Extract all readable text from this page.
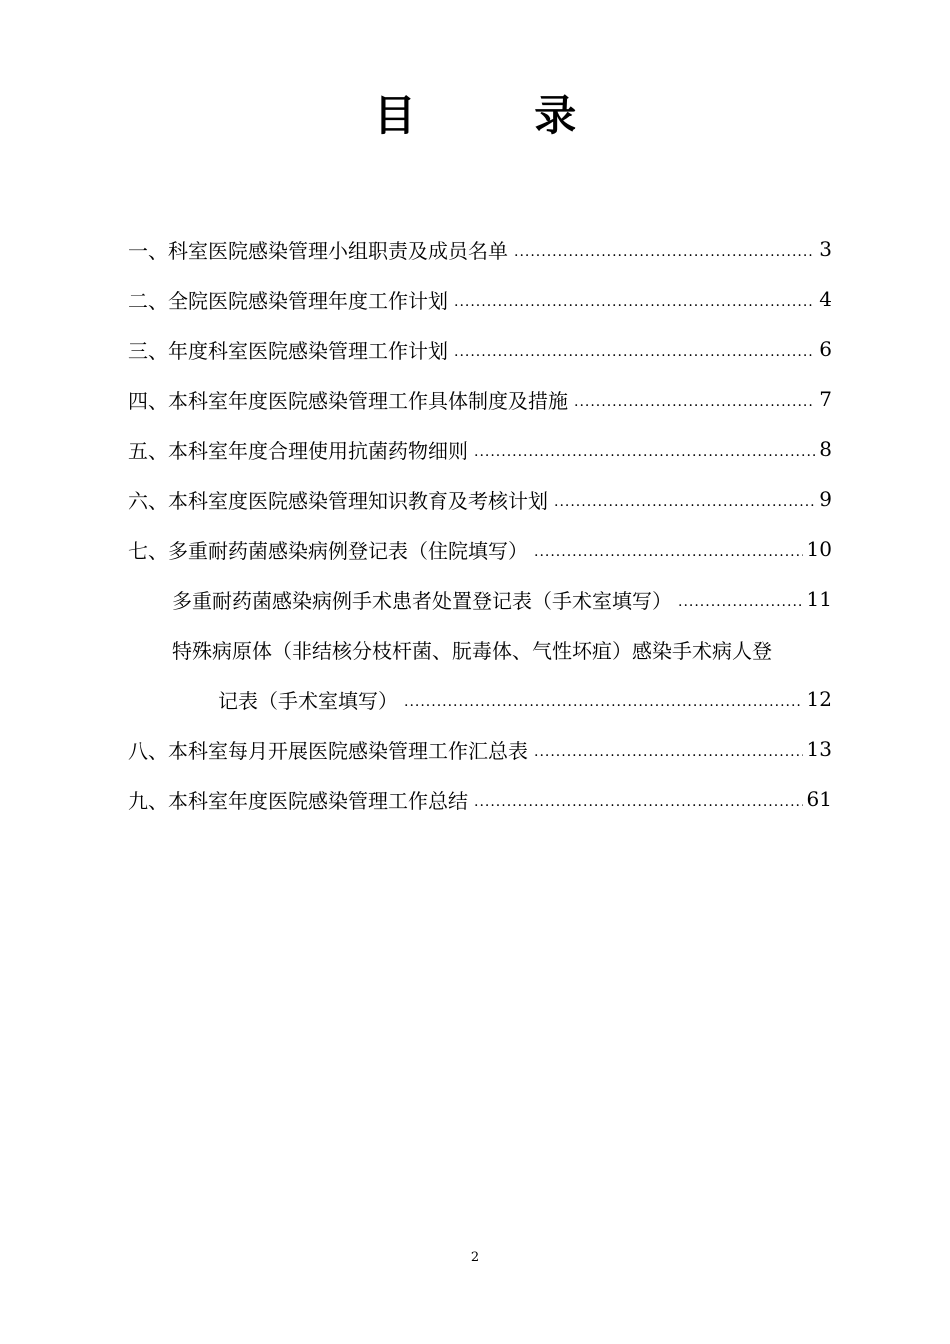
目 录
一、科室医院感染管理小组职责及成员名单 .....	3
二、全院医院感染管理年度工作计划 .....	4
三、年度科室医院感染管理工作计划 .....	6
四、本科室年度医院感染管理工作具体制度及措施 .....	7
五、本科室年度合理使用抗菌药物细则 .....	8
六、本科室度医院感染管理知识教育及考核计划 .....	9
七、多重耐药菌感染病例登记表（住院填写） .....	10
多重耐药菌感染病例手术患者处置登记表（手术室填写） .....	11
特殊病原体（非结核分枝杆菌、朊毒体、气性坏疽）感染手术病人登
记表（手术室填写） .....	12
八、本科室每月开展医院感染管理工作汇总表 .....	13
九、本科室年度医院感染管理工作总结 .....	61
2
